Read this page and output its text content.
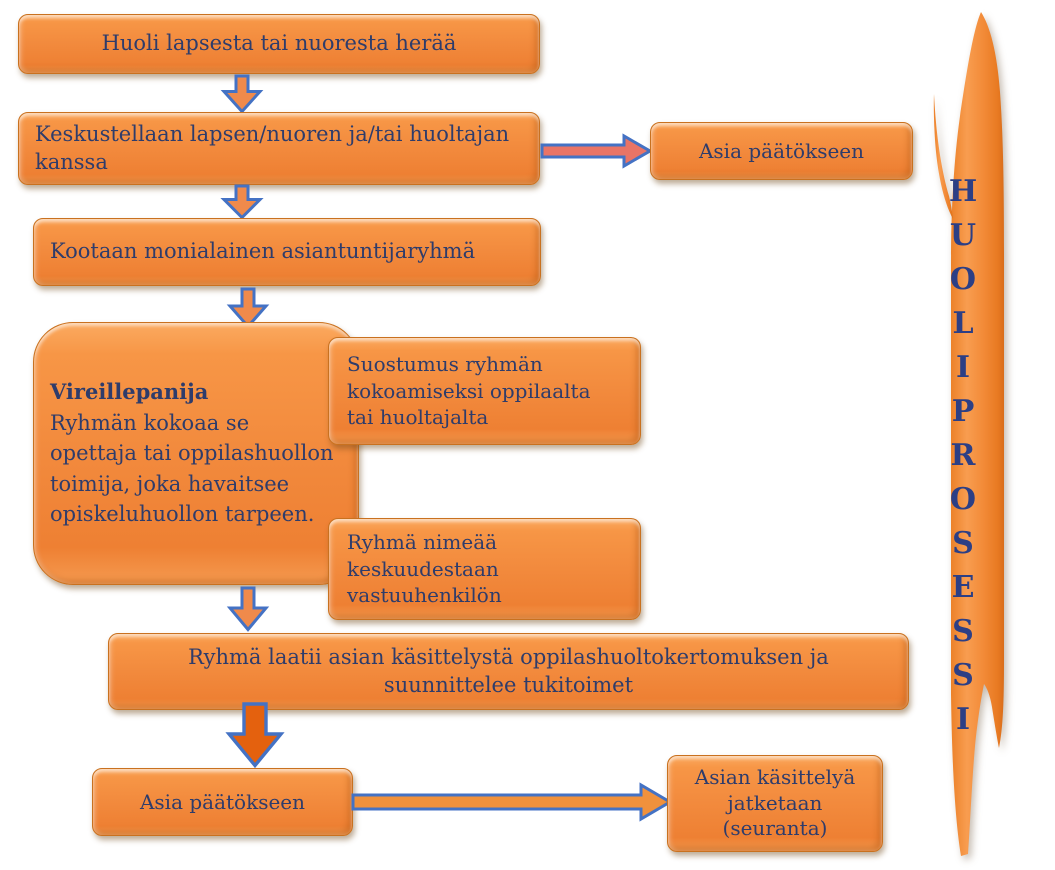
Huoli lapsesta tai nuoresta herää
Keskustellaan lapsen/nuoren ja/tai huoltajan kanssa	Asia päätökseen
Kootaan monialainen asiantuntijaryhmä
Vireillepanija
Ryhmän kokoaa se opettaja tai oppilashuollon toimija, joka havaitsee opiskeluhuollon tarpeen.
Suostumus ryhmän kokoamiseksi oppilaalta tai huoltajalta
Ryhmä nimeää keskuudestaan vastuuhenkilön
Ryhmä laatii asian käsittelystä oppilashuoltokertomuksen ja
suunnittelee tukitoimet
Asia päätökseen
Asian käsittelyä
jatketaan
(seuranta)
HUOLIPROSESSI
